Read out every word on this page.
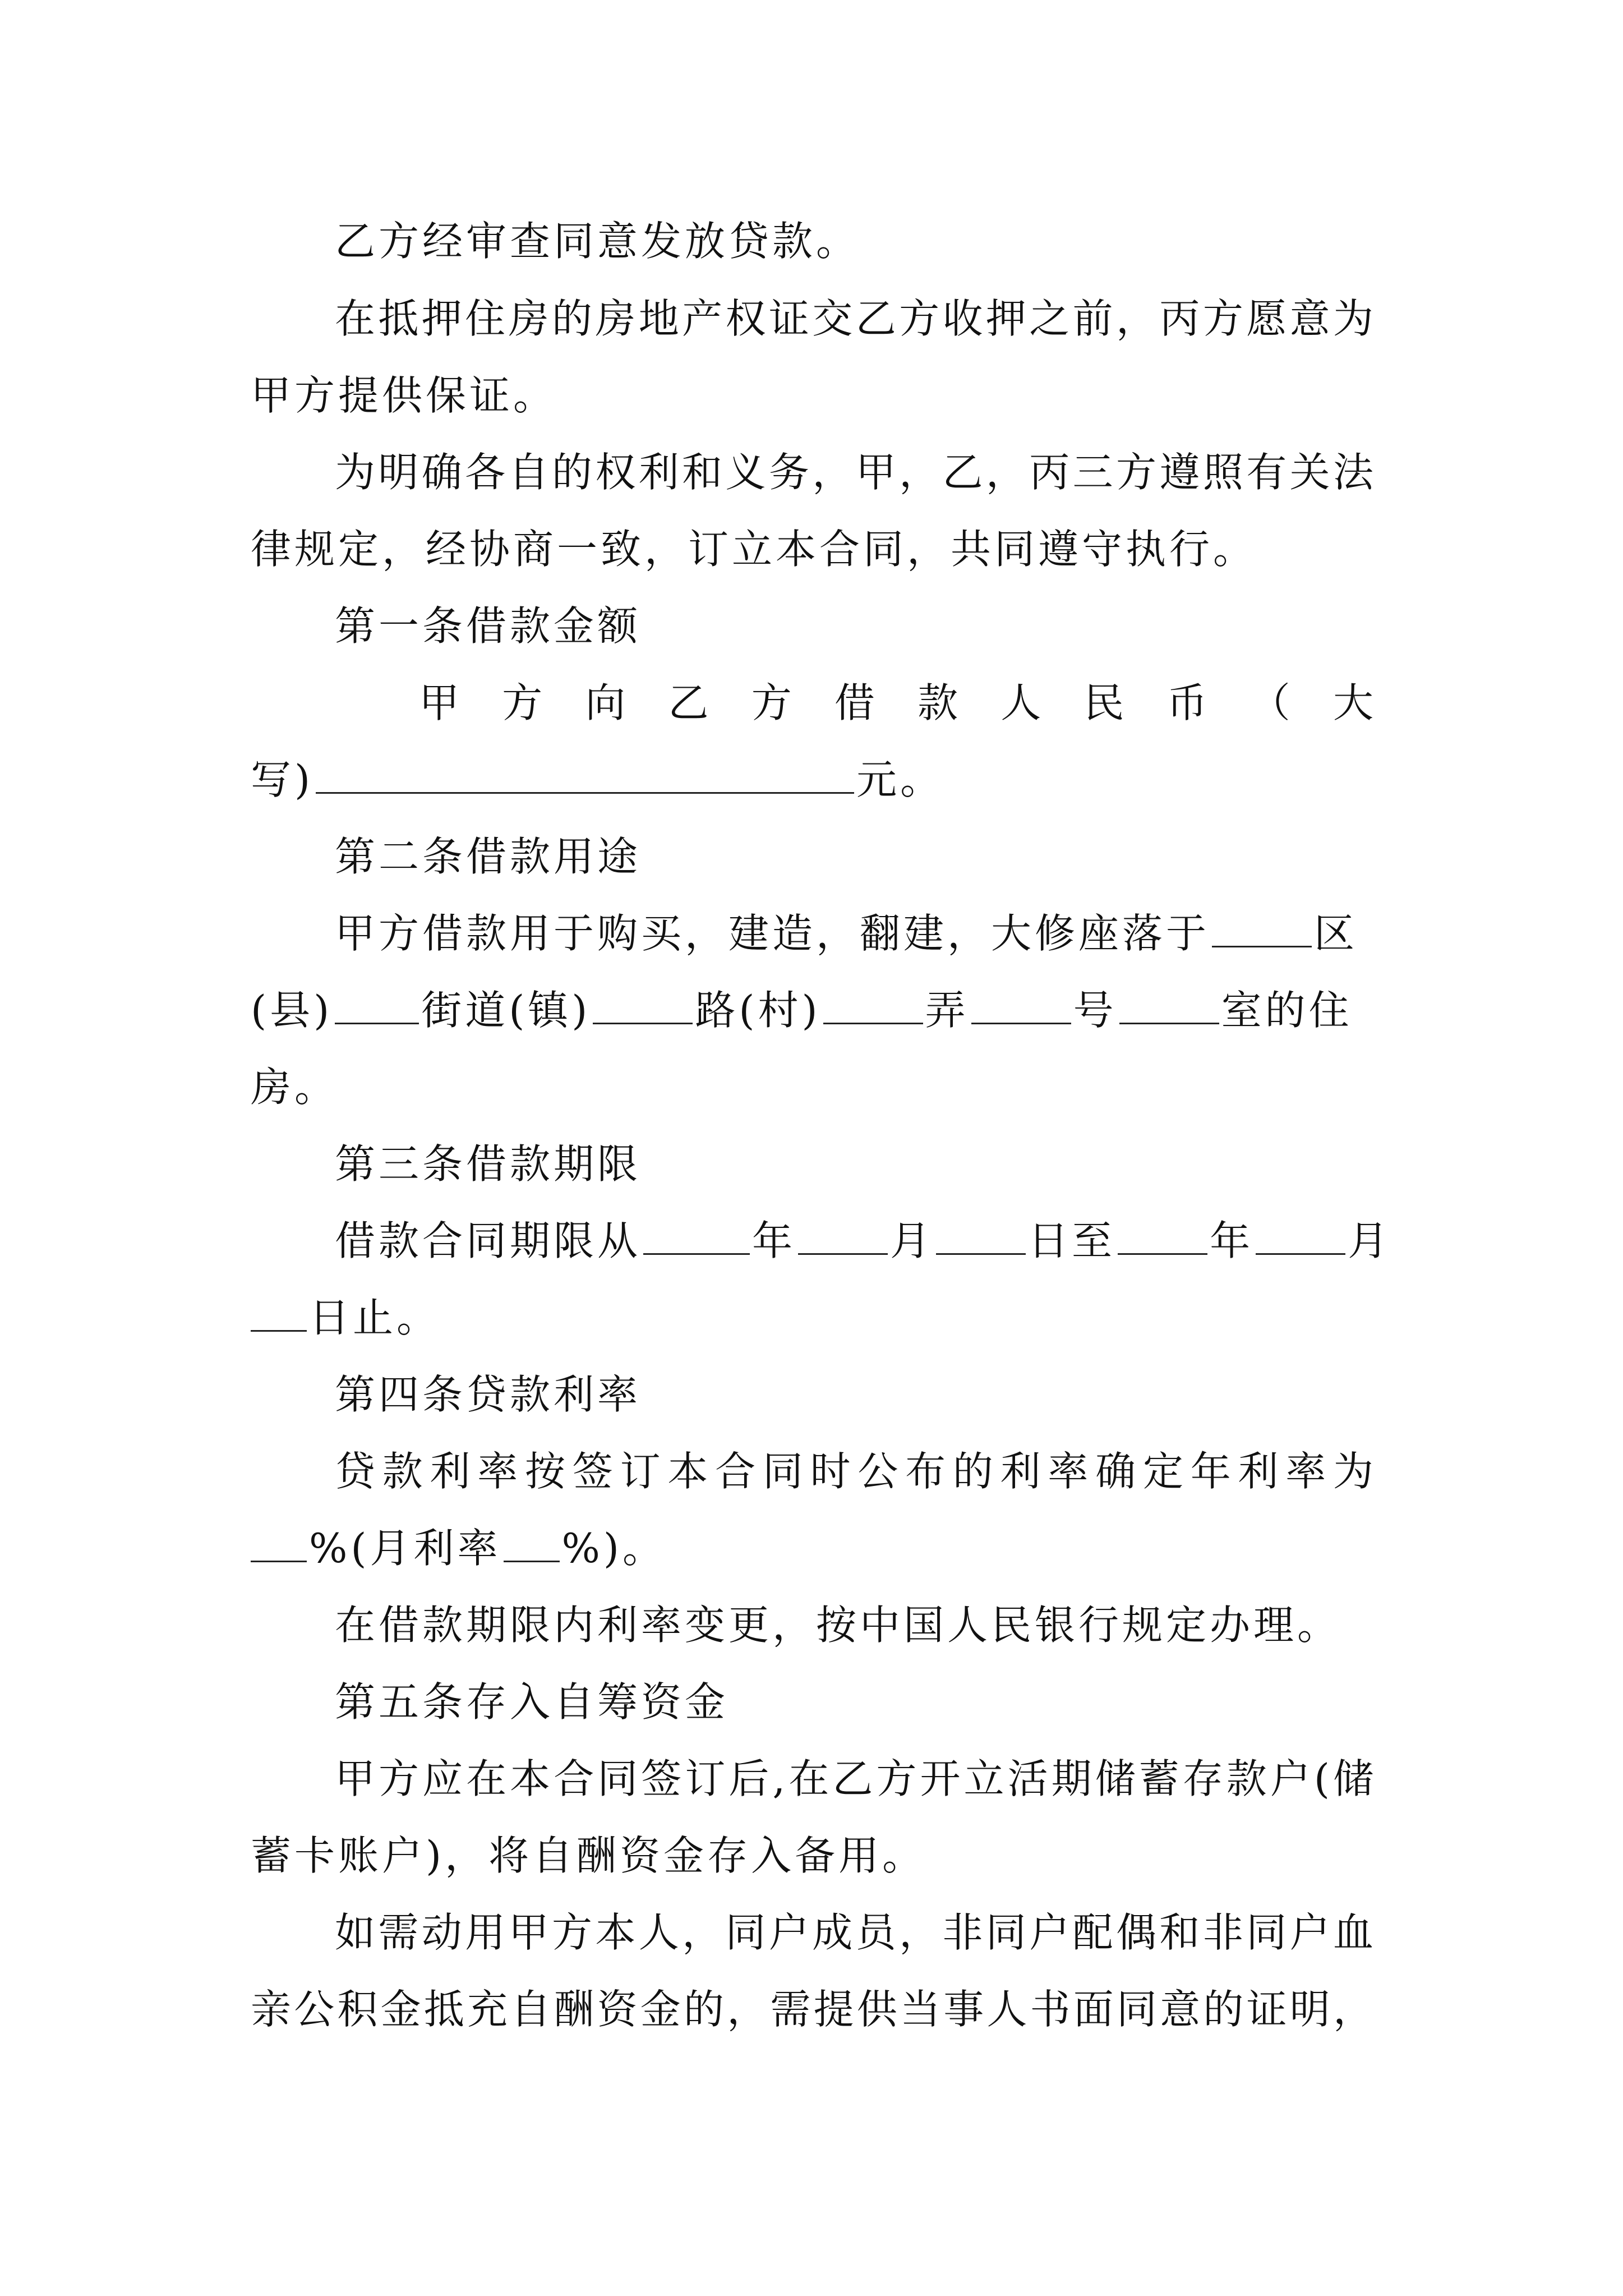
乙方经审查同意发放贷款。
在抵押住房的房地产权证交乙方收押之前，丙方愿意为
甲方提供保证。
为明确各自的权利和义务，甲，乙，丙三方遵照有关法
律规定，经协商一致，订立本合同，共同遵守执行。
第一条借款金额
甲 方 向 乙 方 借 款 人 民 币 （ 大
写)	元。
第二条借款用途
甲方借款用于购买，建造，翻建，大修座落于	区
(县) 街道(镇)	路(村)	弄	号	室的住
房。
第三条借款期限
借款合同期限从	年 月 日至 年 月
日止。
第四条贷款利率
贷款利率按签订本合同时公布的利率确定年利率为
%(月利率 %)。
在借款期限内利率变更，按中国人民银行规定办理。
第五条存入自筹资金
甲方应在本合同签订后,在乙方开立活期储蓄存款户(储
蓄卡账户)，将自酬资金存入备用。
如需动用甲方本人，同户成员，非同户配偶和非同户血
亲公积金抵充自酬资金的，需提供当事人书面同意的证明，
